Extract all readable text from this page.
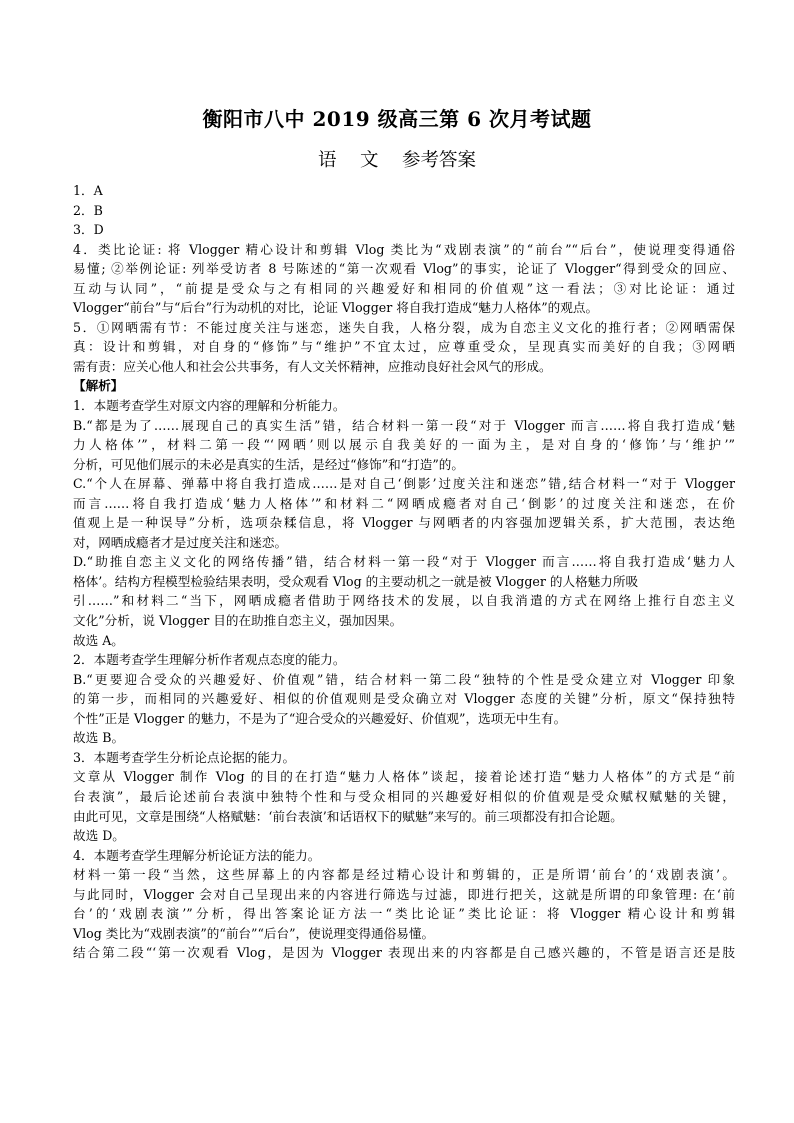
衡阳市八中 2019 级高三第 6 次月考试题
语    文    参考答案
1．A
2．B
3．D
4．类比论证: 将 Vlogger 精心设计和剪辑 Vlog 类比为“戏剧表演”的“前台”“后台”，使说理变得通俗
易懂; ②举例论证: 列举受访者 8 号陈述的“第一次观看 Vlog”的事实，论证了 Vlogger“得到受众的回应、
互动与认同”，“前提是受众与之有相同的兴趣爱好和相同的价值观”这一看法；③对比论证：通过
Vlogger“前台”与“后台”行为动机的对比，论证 Vlogger 将自我打造成“魅力人格体”的观点。
5．①网晒需有节：不能过度关注与迷恋，迷失自我，人格分裂，成为自恋主义文化的推行者；②网晒需保
真：设计和剪辑，对自身的“修饰”与“维护”不宜太过，应尊重受众，呈现真实而美好的自我；③网晒
需有责：应关心他人和社会公共事务，有人文关怀精神，应推动良好社会风气的形成。
【解析】
1．本题考查学生对原文内容的理解和分析能力。
B.“都是为了……展现自己的真实生活”错，结合材料一第一段“对于 Vlogger 而言……将自我打造成‘魅
力人格体’”，材料二第一段“‘网晒’则以展示自我美好的一面为主，是对自身的‘修饰’与‘维护’”
分析，可见他们展示的未必是真实的生活，是经过“修饰”和“打造”的。
C.“个人在屏幕、弹幕中将自我打造成……是对自己‘倒影’过度关注和迷恋”错,结合材料一“对于 Vlogger
而言……将自我打造成‘魅力人格体’”和材料二“网晒成瘾者对自己‘倒影’的过度关注和迷恋，在价
值观上是一种误导”分析，选项杂糅信息，将 Vlogger 与网晒者的内容强加逻辑关系，扩大范围，表达绝
对，网晒成瘾者才是过度关注和迷恋。
D.“助推自恋主义文化的网络传播”错，结合材料一第一段“对于 Vlogger 而言……将自我打造成‘魅力人
格体’。结构方程模型检验结果表明，受众观看 Vlog 的主要动机之一就是被 Vlogger 的人格魅力所吸
引……”和材料二“当下，网晒成瘾者借助于网络技术的发展，以自我消遣的方式在网络上推行自恋主义
文化”分析，说 Vlogger 目的在助推自恋主义，强加因果。
故选 A。
2．本题考查学生理解分析作者观点态度的能力。
B.“更要迎合受众的兴趣爱好、价值观”错，结合材料一第二段“独特的个性是受众建立对 Vlogger 印象
的第一步，而相同的兴趣爱好、相似的价值观则是受众确立对 Vlogger 态度的关键”分析，原文“保持独特
个性”正是 Vlogger 的魅力，不是为了“迎合受众的兴趣爱好、价值观”，选项无中生有。
故选 B。
3．本题考查学生分析论点论据的能力。
文章从 Vlogger 制作 Vlog 的目的在打造“魅力人格体”谈起，接着论述打造“魅力人格体”的方式是“前
台表演”，最后论述前台表演中独特个性和与受众相同的兴趣爱好相似的价值观是受众赋权赋魅的关键，
由此可见，文章是围绕“人格赋魅：‘前台表演’和话语权下的赋魅”来写的。前三项都没有扣合论题。
故选 D。
4．本题考查学生理解分析论证方法的能力。
材料一第一段“当然，这些屏幕上的内容都是经过精心设计和剪辑的，正是所谓‘前台’的‘戏剧表演’。
与此同时，Vlogger 会对自己呈现出来的内容进行筛选与过滤，即进行把关，这就是所谓的印象管理: 在‘前
台’的‘戏剧表演’”分析，得出答案论证方法一“类比论证”类比论证：将 Vlogger 精心设计和剪辑
Vlog 类比为“戏剧表演”的“前台”“后台”，使说理变得通俗易懂。
结合第二段“‘第一次观看 Vlog，是因为 Vlogger 表现出来的内容都是自己感兴趣的，不管是语言还是肢
